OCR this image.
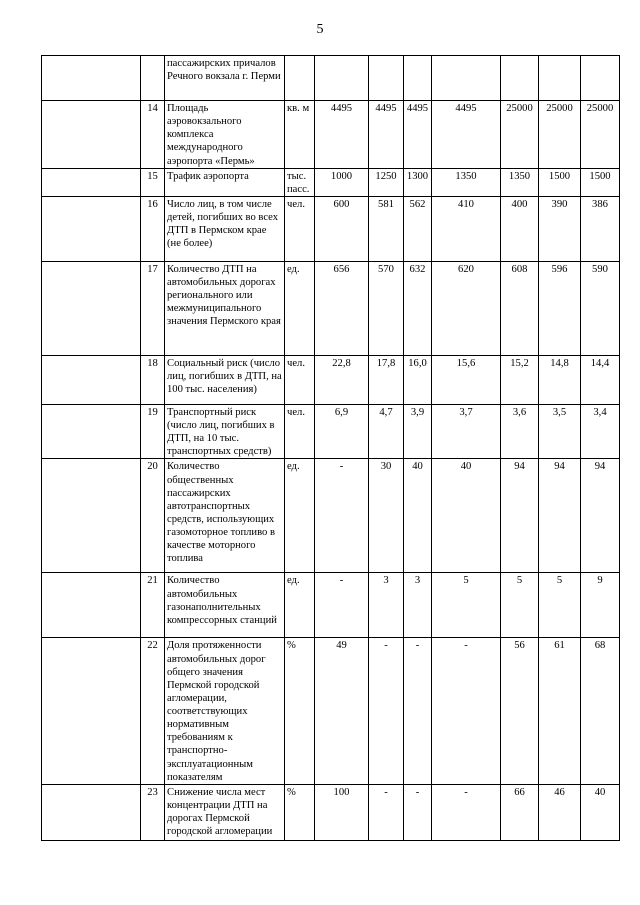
5
		пассажирских причалов Речного вокзала г. Перми								
	14	Площадь аэровокзального комплекса международного аэропорта «Пермь»	кв. м	4495	4495	4495	4495	25000	25000	25000
	15	Трафик аэропорта	тыс. пасс.	1000	1250	1300	1350	1350	1500	1500
	16	Число лиц, в том числе детей, погибших во всех ДТП в Пермском крае (не более)	чел.	600	581	562	410	400	390	386
	17	Количество ДТП на автомобильных дорогах регионального или межмуниципального значения Пермского края	ед.	656	570	632	620	608	596	590
	18	Социальный риск (число лиц, погибших в ДТП, на 100 тыс. населения)	чел.	22,8	17,8	16,0	15,6	15,2	14,8	14,4
	19	Транспортный риск (число лиц, погибших в ДТП, на 10 тыс. транспортных средств)	чел.	6,9	4,7	3,9	3,7	3,6	3,5	3,4
	20	Количество общественных пассажирских автотранспортных средств, использующих газомоторное топливо в качестве моторного топлива	ед.	-	30	40	40	94	94	94
	21	Количество автомобильных газонаполнительных компрессорных станций	ед.	-	3	3	5	5	5	9
	22	Доля протяженности автомобильных дорог общего значения Пермской городской агломерации, соответствующих нормативным требованиям к транспортно-эксплуатационным показателям	%	49	-	-	-	56	61	68
	23	Снижение числа мест концентрации ДТП на дорогах Пермской городской агломерации	%	100	-	-	-	66	46	40
